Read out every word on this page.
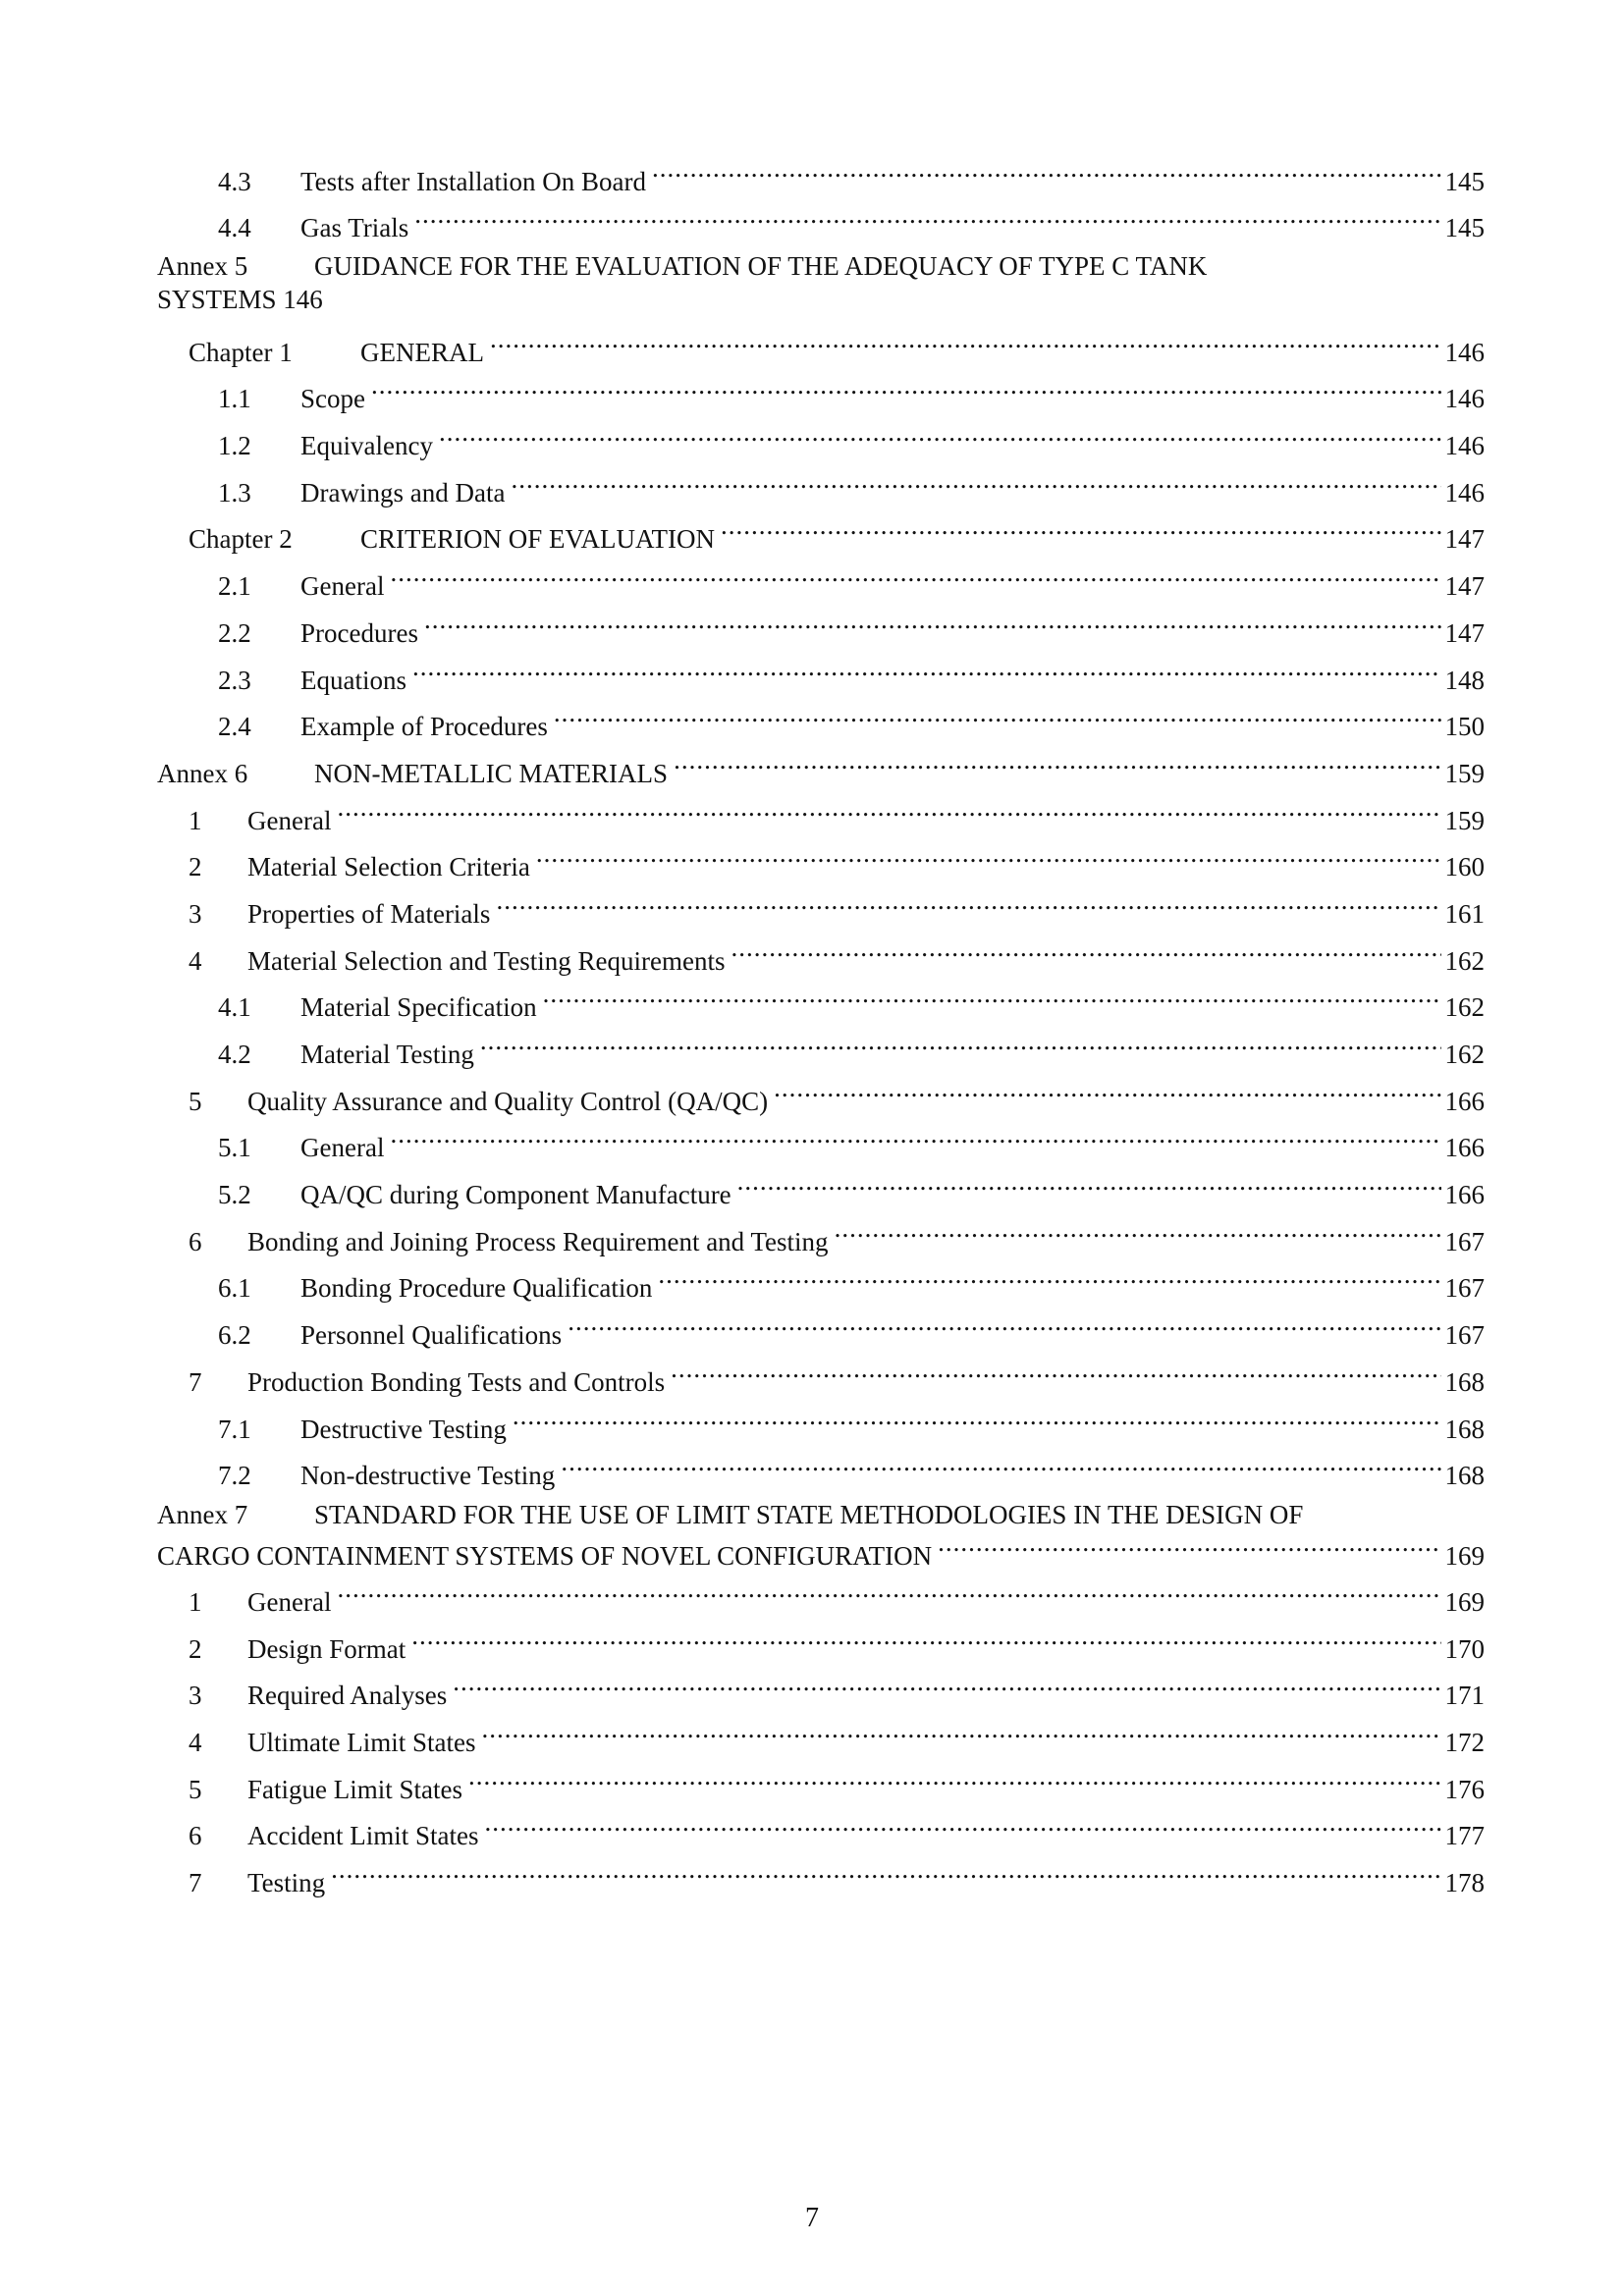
4.3	Tests after Installation On Board .....	145
4.4	Gas Trials .....	145
Annex 5	GUIDANCE FOR THE EVALUATION OF THE ADEQUACY OF TYPE C TANK
SYSTEMS 146
Chapter 1	GENERAL .....	146
1.1	Scope .....	146
1.2	Equivalency .....	146
1.3	Drawings and Data .....	146
Chapter 2	CRITERION OF EVALUATION .....	147
2.1	General .....	147
2.2	Procedures .....	147
2.3	Equations .....	148
2.4	Example of Procedures .....	150
Annex 6	NON-METALLIC MATERIALS .....	159
1	General .....	159
2	Material Selection Criteria .....	160
3	Properties of Materials .....	161
4	Material Selection and Testing Requirements .....	162
4.1	Material Specification .....	162
4.2	Material Testing .....	162
5	Quality Assurance and Quality Control (QA/QC) .....	166
5.1	General .....	166
5.2	QA/QC during Component Manufacture .....	166
6	Bonding and Joining Process Requirement and Testing .....	167
6.1	Bonding Procedure Qualification .....	167
6.2	Personnel Qualifications .....	167
7	Production Bonding Tests and Controls .....	168
7.1	Destructive Testing .....	168
7.2	Non-destructive Testing .....	168
Annex 7	STANDARD FOR THE USE OF LIMIT STATE METHODOLOGIES IN THE DESIGN OF
CARGO CONTAINMENT SYSTEMS OF NOVEL CONFIGURATION .....	169
1	General .....	169
2	Design Format .....	170
3	Required Analyses .....	171
4	Ultimate Limit States .....	172
5	Fatigue Limit States .....	176
6	Accident Limit States .....	177
7	Testing .....	178
7
